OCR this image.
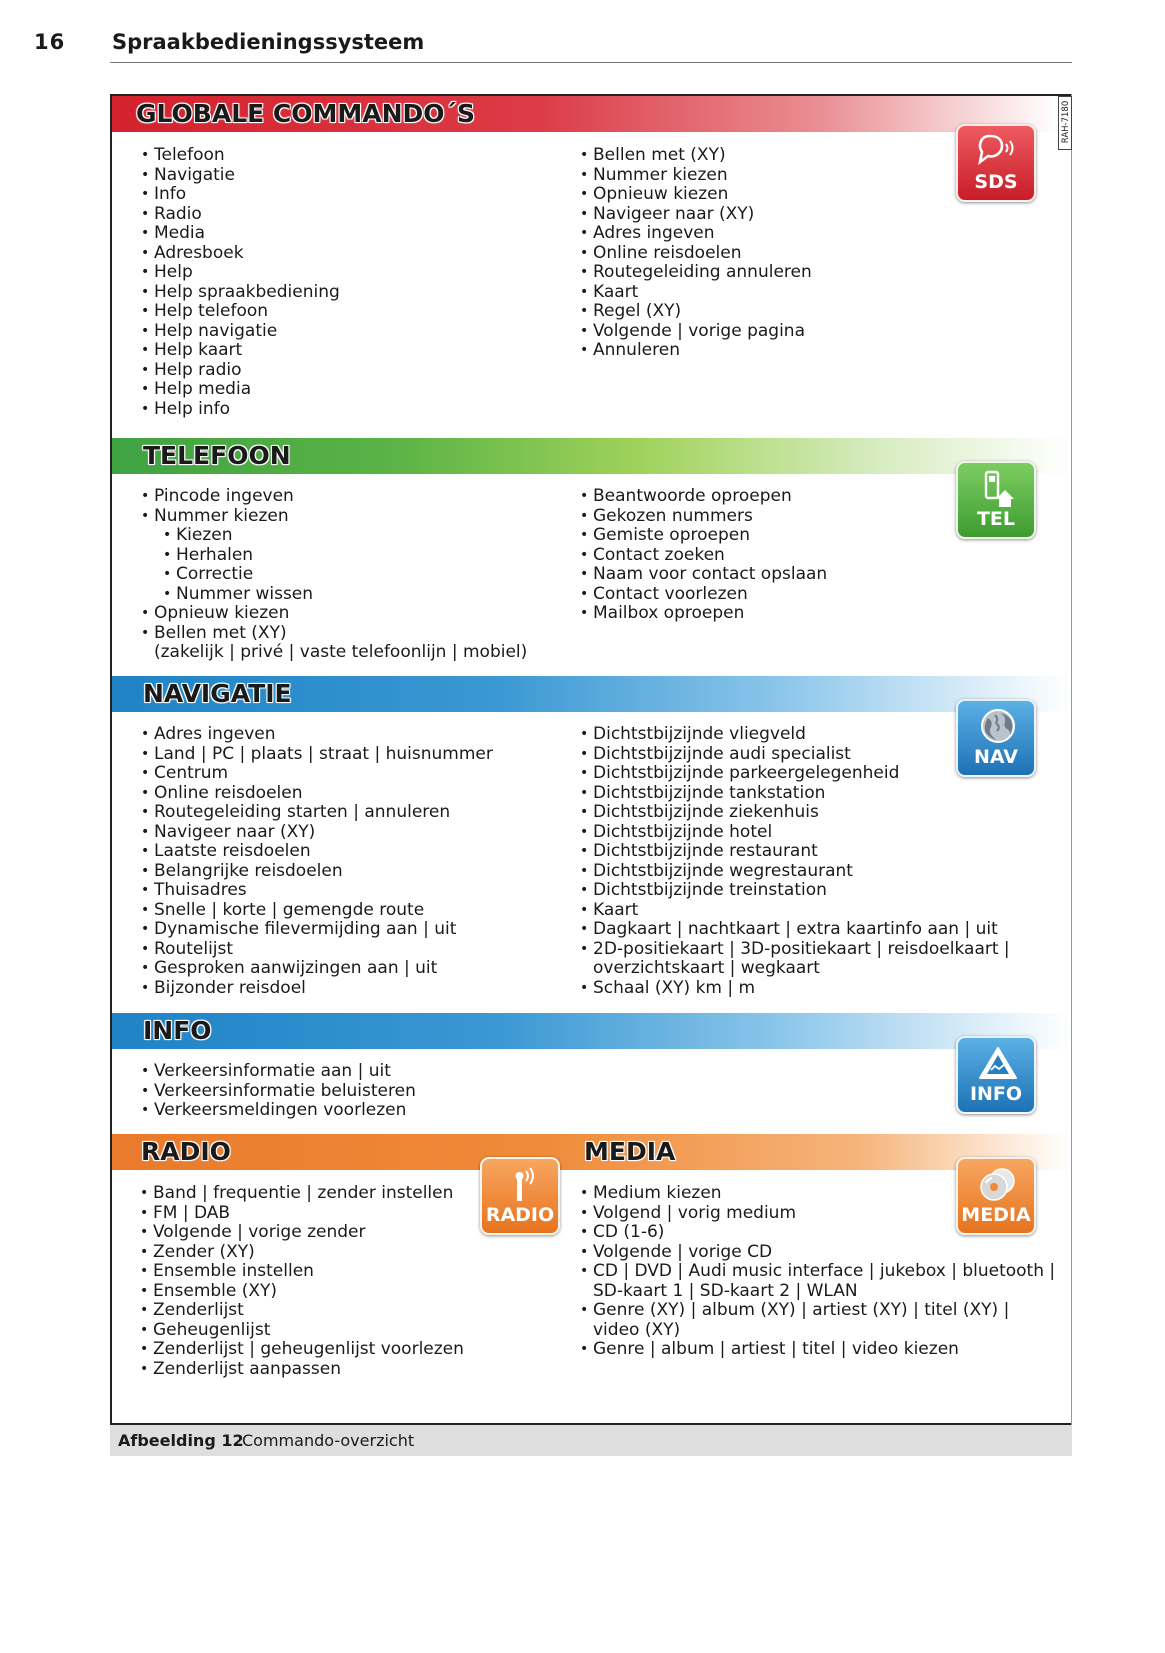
16 Spraakbedieningssysteem
RAH-7180
GLOBALE COMMANDO´S
• Telefoon
• Navigatie
• Info
• Radio
• Media
• Adresboek
• Help
• Help spraakbediening
• Help telefoon
• Help navigatie
• Help kaart
• Help radio
• Help media
• Help info
• Bellen met (XY)
• Nummer kiezen
• Opnieuw kiezen
• Navigeer naar (XY)
• Adres ingeven
• Online reisdoelen
• Routegeleiding annuleren
• Kaart
• Regel (XY)
• Volgende | vorige pagina
• Annuleren
SDS
TELEFOON
• Pincode ingeven
• Nummer kiezen
• Kiezen
• Herhalen
• Correctie
• Nummer wissen
• Opnieuw kiezen
• Bellen met (XY)
(zakelijk | privé | vaste telefoonlijn | mobiel)
• Beantwoorde oproepen
• Gekozen nummers
• Gemiste oproepen
• Contact zoeken
• Naam voor contact opslaan
• Contact voorlezen
• Mailbox oproepen
TEL
NAVIGATIE
• Adres ingeven
• Land | PC | plaats | straat | huisnummer
• Centrum
• Online reisdoelen
• Routegeleiding starten | annuleren
• Navigeer naar (XY)
• Laatste reisdoelen
• Belangrijke reisdoelen
• Thuisadres
• Snelle | korte | gemengde route
• Dynamische filevermijding aan | uit
• Routelijst
• Gesproken aanwijzingen aan | uit
• Bijzonder reisdoel
• Dichtstbijzijnde vliegveld
• Dichtstbijzijnde audi specialist
• Dichtstbijzijnde parkeergelegenheid
• Dichtstbijzijnde tankstation
• Dichtstbijzijnde ziekenhuis
• Dichtstbijzijnde hotel
• Dichtstbijzijnde restaurant
• Dichtstbijzijnde wegrestaurant
• Dichtstbijzijnde treinstation
• Kaart
• Dagkaart | nachtkaart | extra kaartinfo aan | uit
• 2D-positiekaart | 3D-positiekaart | reisdoelkaart |
overzichtskaart | wegkaart
• Schaal (XY) km | m
NAV
INFO
• Verkeersinformatie aan | uit
• Verkeersinformatie beluisteren
• Verkeersmeldingen voorlezen
INFO
RADIO	MEDIA
• Band | frequentie | zender instellen
• FM | DAB
• Volgende | vorige zender
• Zender (XY)
• Ensemble instellen
• Ensemble (XY)
• Zenderlijst
• Geheugenlijst
• Zenderlijst | geheugenlijst voorlezen
• Zenderlijst aanpassen
RADIO
• Medium kiezen
• Volgend | vorig medium
• CD (1-6)
• Volgende | vorige CD
• CD | DVD | Audi music interface | jukebox | bluetooth |
SD-kaart 1 | SD-kaart 2 | WLAN
• Genre (XY) | album (XY) | artiest (XY) | titel (XY) |
video (XY)
• Genre | album | artiest | titel | video kiezen
MEDIA
Afbeelding 12
Commando-overzicht
